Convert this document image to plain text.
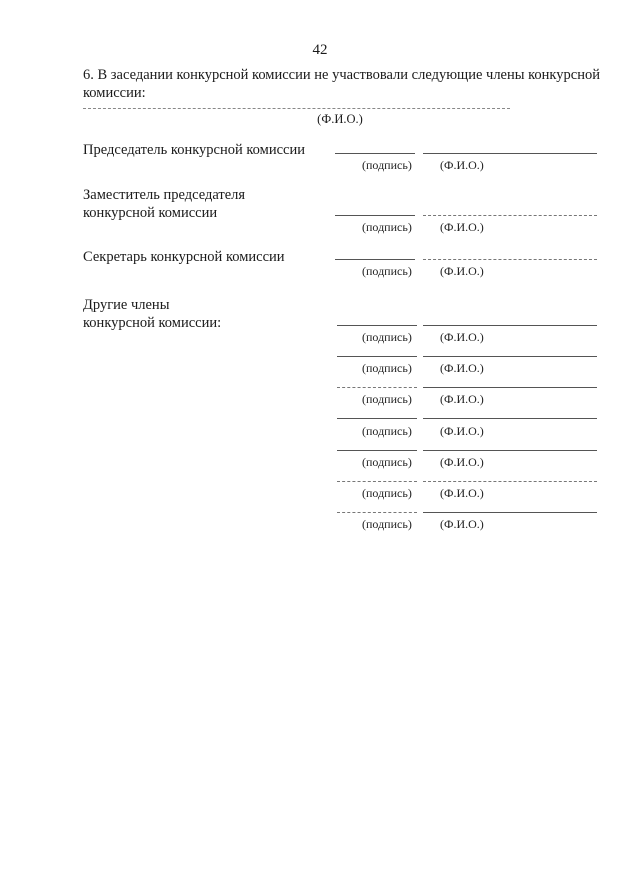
42
6. В заседании конкурсной комиссии не участвовали следующие члены конкурсной комиссии:
(Ф.И.О.)
Председатель конкурсной комиссии
(подпись) (Ф.И.О.)
Заместитель председателя
конкурсной комиссии
(подпись) (Ф.И.О.)
Секретарь конкурсной комиссии
(подпись) (Ф.И.О.)
Другие члены
конкурсной комиссии:
(подпись) (Ф.И.О.)
(подпись) (Ф.И.О.)
(подпись) (Ф.И.О.)
(подпись) (Ф.И.О.)
(подпись) (Ф.И.О.)
(подпись) (Ф.И.О.)
(подпись) (Ф.И.О.)
